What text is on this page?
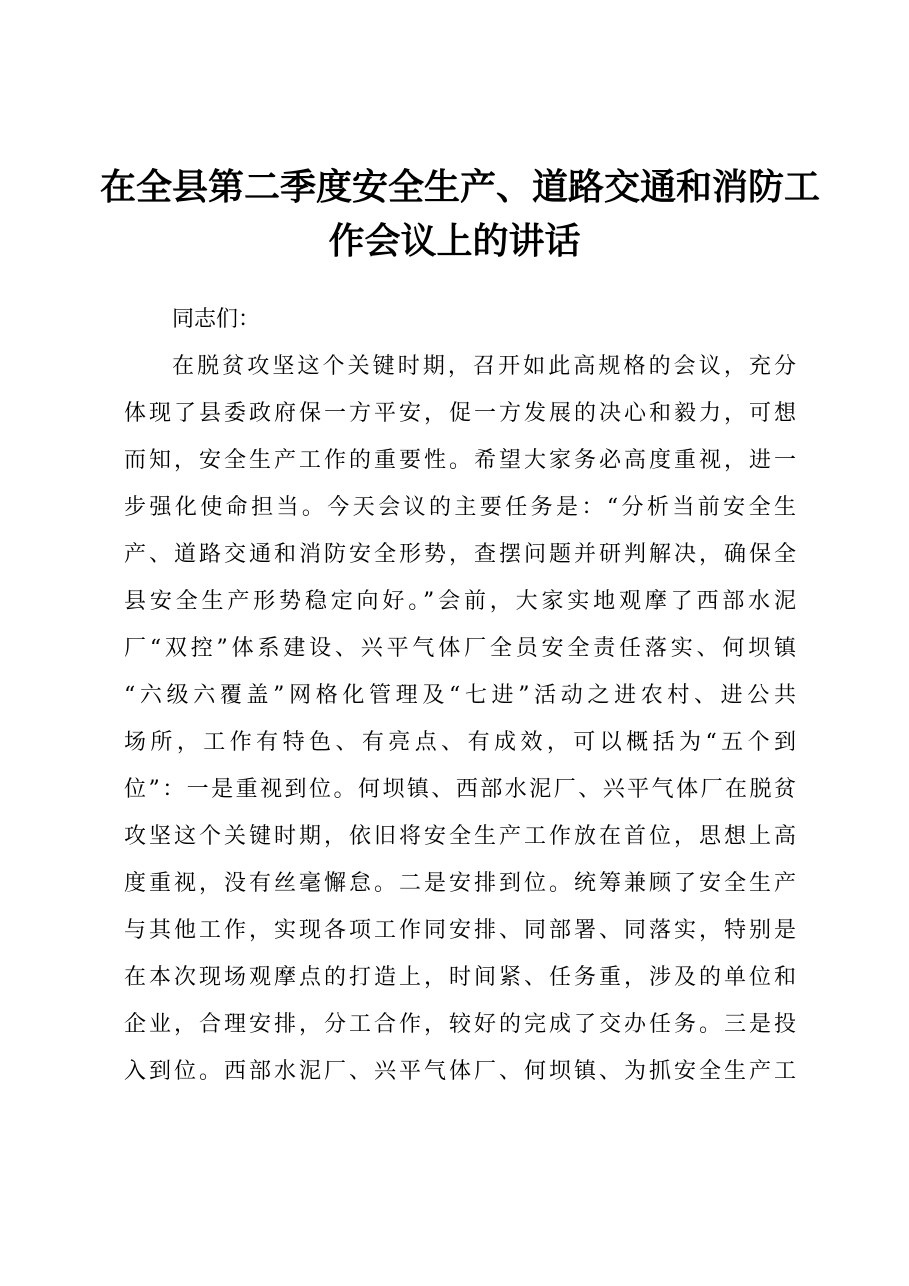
在全县第二季度安全生产、道路交通和消防工
作会议上的讲话
同志们：
在脱贫攻坚这个关键时期，召开如此高规格的会议，充分
体现了县委政府保一方平安，促一方发展的决心和毅力，可想
而知，安全生产工作的重要性。希望大家务必高度重视，进一
步强化使命担当。今天会议的主要任务是：“分析当前安全生
产、道路交通和消防安全形势，查摆问题并研判解决，确保全
县安全生产形势稳定向好。”会前，大家实地观摩了西部水泥
厂“双控”体系建设、兴平气体厂全员安全责任落实、何坝镇
“六级六覆盖”网格化管理及“七进”活动之进农村、进公共
场所，工作有特色、有亮点、有成效，可以概括为“五个到
位”：一是重视到位。何坝镇、西部水泥厂、兴平气体厂在脱贫
攻坚这个关键时期，依旧将安全生产工作放在首位，思想上高
度重视，没有丝毫懈怠。二是安排到位。统筹兼顾了安全生产
与其他工作，实现各项工作同安排、同部署、同落实，特别是
在本次现场观摩点的打造上，时间紧、任务重，涉及的单位和
企业，合理安排，分工合作，较好的完成了交办任务。三是投
入到位。西部水泥厂、兴平气体厂、何坝镇、为抓安全生产工
